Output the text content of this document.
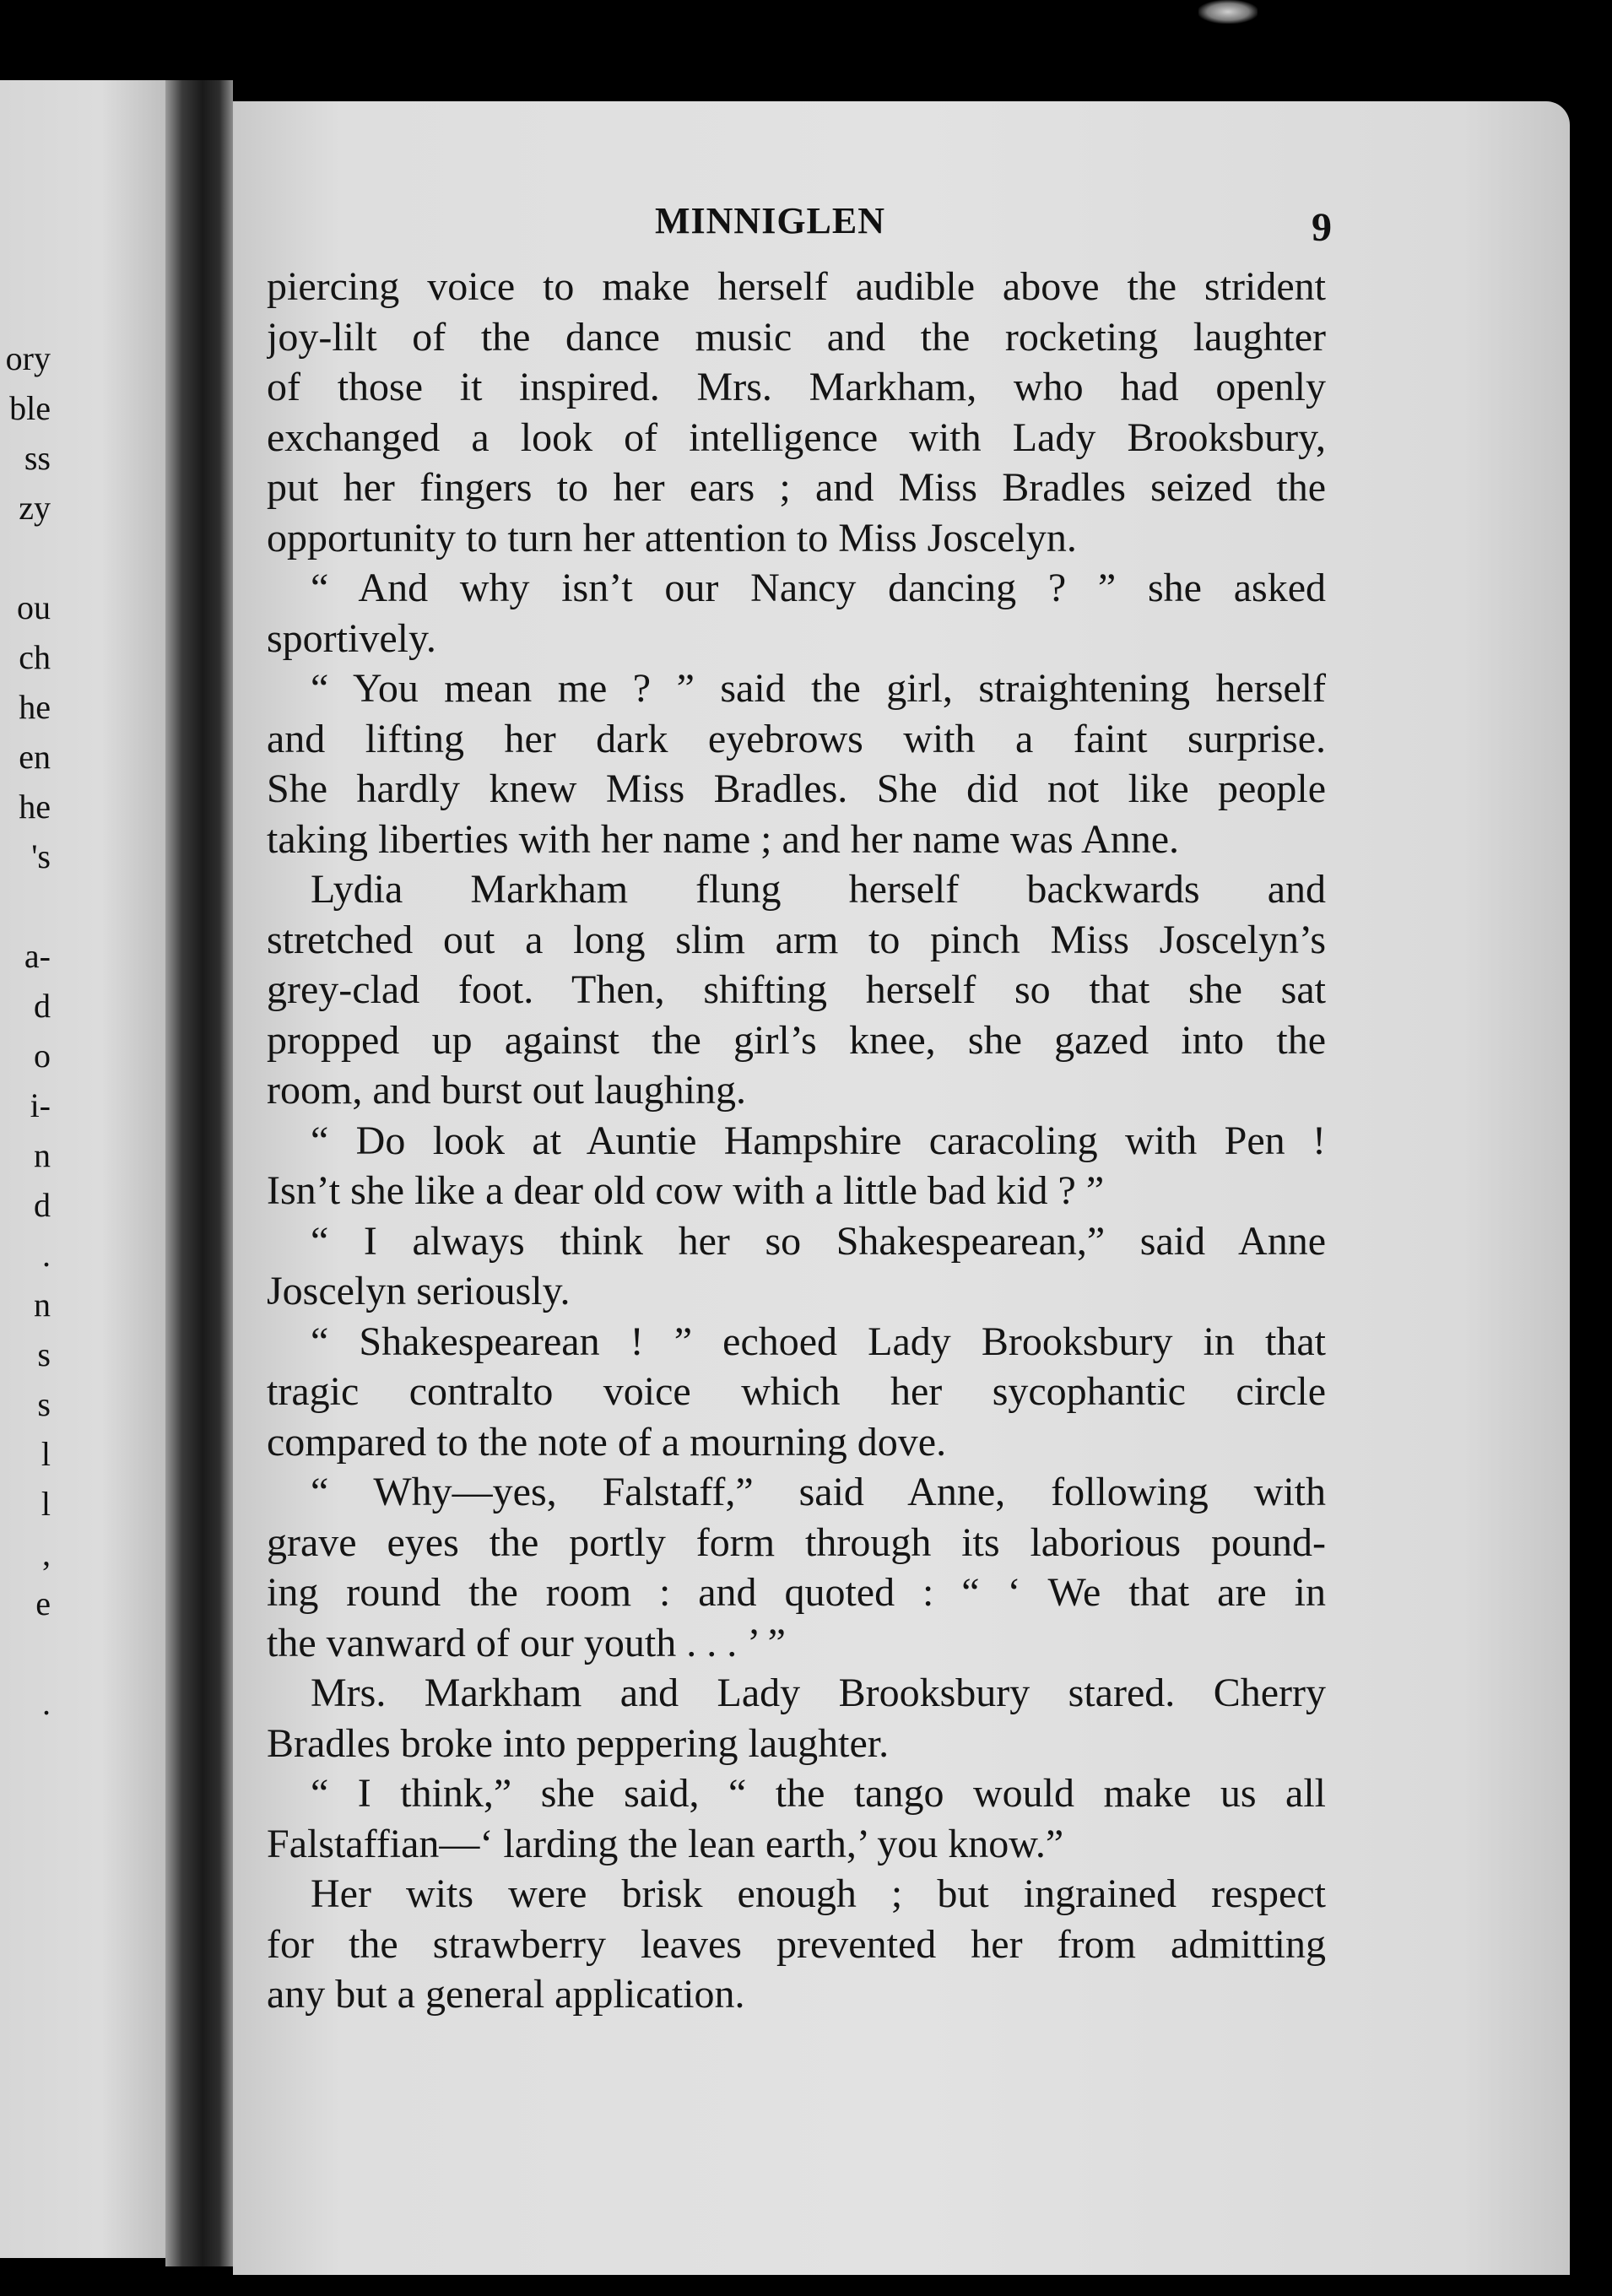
ory
ble
ss
zy
ou
ch
he
en
he
's
a-
d
o
i-
n
d
.
n
s
s
l
l
,
e
.
MINNIGLEN	9
piercing voice to make herself audible above the strident
joy-lilt of the dance music and the rocketing laughter
of those it inspired. Mrs. Markham, who had openly
exchanged a look of intelligence with Lady Brooksbury,
put her fingers to her ears ; and Miss Bradles seized the
opportunity to turn her attention to Miss Joscelyn.
“ And why isn’t our Nancy dancing ? ” she asked
sportively.
“ You mean me ? ” said the girl, straightening herself
and lifting her dark eyebrows with a faint surprise.
She hardly knew Miss Bradles. She did not like people
taking liberties with her name ; and her name was Anne.
Lydia Markham flung herself backwards and
stretched out a long slim arm to pinch Miss Joscelyn’s
grey-clad foot. Then, shifting herself so that she sat
propped up against the girl’s knee, she gazed into the
room, and burst out laughing.
“ Do look at Auntie Hampshire caracoling with Pen !
Isn’t she like a dear old cow with a little bad kid ? ”
“ I always think her so Shakespearean,” said Anne
Joscelyn seriously.
“ Shakespearean ! ” echoed Lady Brooksbury in that
tragic contralto voice which her sycophantic circle
compared to the note of a mourning dove.
“ Why—yes, Falstaff,” said Anne, following with
grave eyes the portly form through its laborious pound-
ing round the room : and quoted : “ ‘ We that are in
the vanward of our youth . . . ’ ”
Mrs. Markham and Lady Brooksbury stared. Cherry
Bradles broke into peppering laughter.
“ I think,” she said, “ the tango would make us all
Falstaffian—‘ larding the lean earth,’ you know.”
Her wits were brisk enough ; but ingrained respect
for the strawberry leaves prevented her from admitting
any but a general application.
